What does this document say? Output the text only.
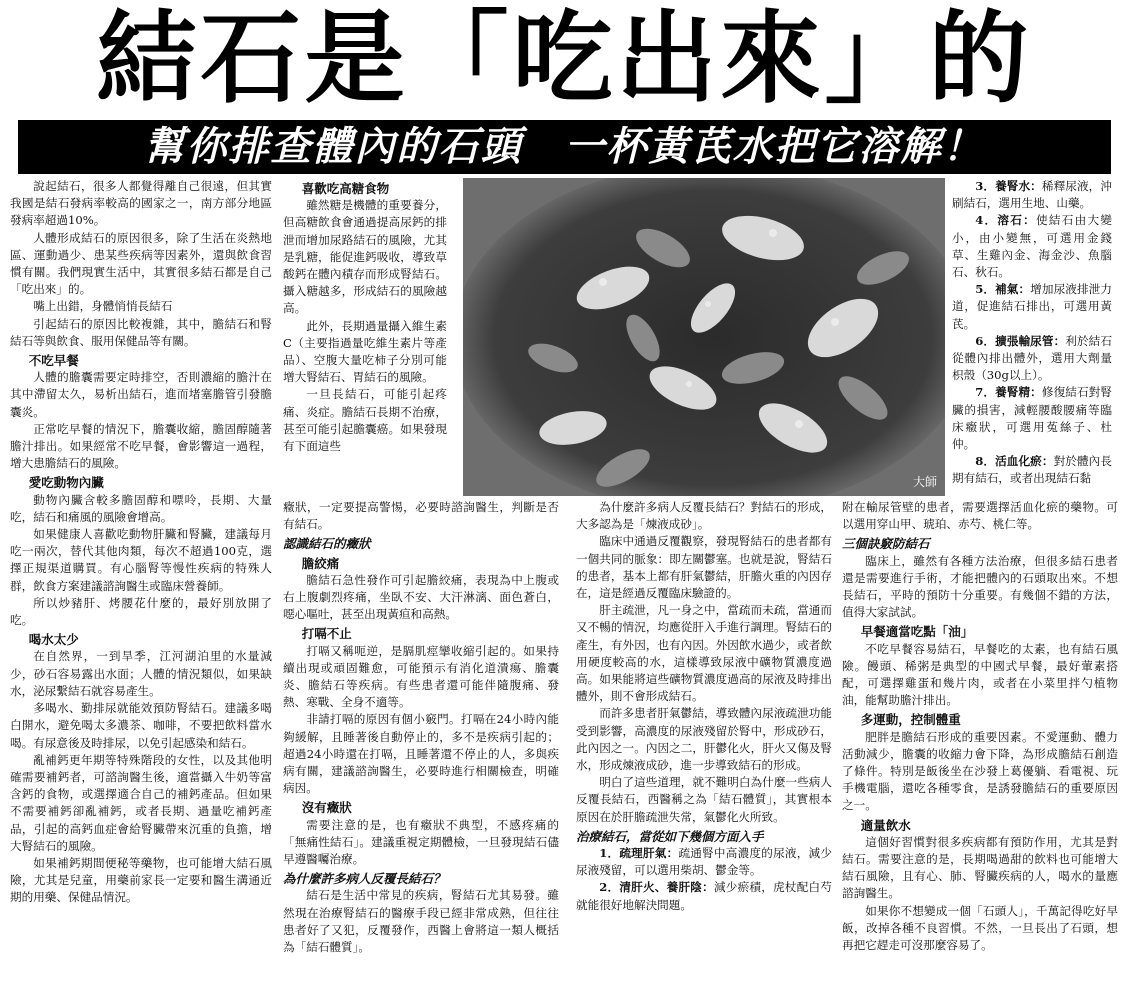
結石是「吃出來」的
幫你排查體內的石頭　一杯黃芪水把它溶解！

說起結石，很多人都覺得離自己很遠，但其實我國是結石發病率較高的國家之一，南方部分地區發病率超過10%。

人體形成結石的原因很多，除了生活在炎熱地區、運動過少、患某些疾病等因素外，還與飲食習慣有關。我們現實生活中，其實很多結石都是自己「吃出來」的。

嘴上出錯，身體悄悄長結石

引起結石的原因比較複雜，其中，膽結石和腎結石等與飲食、服用保健品等有關。

不吃早餐

人體的膽囊需要定時排空，否則濃縮的膽汁在其中滯留太久，易析出結石，進而堵塞膽管引發膽囊炎。

正常吃早餐的情況下，膽囊收縮，膽固醇隨著膽汁排出。如果經常不吃早餐，會影響這一過程，增大患膽結石的風險。

愛吃動物內臟

動物內臟含較多膽固醇和嘌呤，長期、大量吃，結石和痛風的風險會增高。

如果健康人喜歡吃動物肝臟和腎臟，建議每月吃一兩次，替代其他肉類，每次不超過100克，選擇正規渠道購買。有心腦腎等慢性疾病的特殊人群，飲食方案建議諮詢醫生或臨床營養師。

所以炒豬肝、烤腰花什麼的，最好別放開了吃。

喝水太少

在自然界，一到旱季，江河湖泊里的水量減少，砂石容易露出水面；人體的情況類似，如果缺水，泌尿繫結石就容易產生。

多喝水、勤排尿就能效預防腎結石。建議多喝白開水，避免喝太多濃茶、咖啡，不要把飲料當水喝。有尿意後及時排尿，以免引起感染和結石。

亂補鈣更年期等特殊階段的女性，以及其他明確需要補鈣者，可諮詢醫生後，適當攝入牛奶等富含鈣的食物，或選擇適合自己的補鈣產品。但如果不需要補鈣卻亂補鈣，或者長期、過量吃補鈣產品，引起的高鈣血症會給腎臟帶來沉重的負擔，增大腎結石的風險。

如果補鈣期間便秘等藥物，也可能增大結石風險，尤其是兒童，用藥前家長一定要和醫生溝通近期的用藥、保健品情況。

喜歡吃高糖食物

雖然糖是機體的重要養分，但高糖飲食會通過提高尿鈣的排泄而增加尿路結石的風險，尤其是乳糖，能促進鈣吸收，導致草酸鈣在體內積存而形成腎結石。攝入糖越多，形成結石的風險越高。

此外，長期過量攝入維生素C（主要指過量吃維生素片等產品）、空腹大量吃柿子分別可能增大腎結石、胃結石的風險。

一旦長結石，可能引起疼痛、炎症。膽結石長期不治療，甚至可能引起膽囊癌。如果發現有下面這些

大師

3．養腎水：稀釋尿液，沖刷結石，選用生地、山藥。

4．溶石：使結石由大變小，由小變無，可選用金錢草、生雞內金、海金沙、魚腦石、秋石。

5．補氣：增加尿液排泄力道，促進結石排出，可選用黃芪。

6．擴張輸尿管：利於結石從體內排出體外，選用大劑量枳殼（30g以上）。

7．養腎精：修復結石對腎臟的損害，減輕腰酸腰痛等臨床癥狀，可選用菟絲子、杜仲。

8．活血化瘀：對於體內長期有結石，或者出現結石黏

癥狀，一定要提高警惕，必要時諮詢醫生，判斷是否有結石。

認識結石的癥狀
膽絞痛

膽結石急性發作可引起膽絞痛，表現為中上腹或右上腹劇烈疼痛，坐臥不安、大汗淋漓、面色蒼白，噁心嘔吐，甚至出現黃疸和高熱。

打嗝不止

打嗝又稱呃逆，是膈肌痙攣收縮引起的。如果持續出現或頑固難愈，可能預示有消化道潰瘍、膽囊炎、膽結石等疾病。有些患者還可能伴隨腹痛、發熱、寒戰、全身不適等。

非請打嗝的原因有個小竅門。打嗝在24小時內能夠緩解，且睡著後自動停止的，多不是疾病引起的；超過24小時還在打嗝，且睡著還不停止的人，多與疾病有關，建議諮詢醫生，必要時進行相關檢查，明確病因。

沒有癥狀

需要注意的是，也有癥狀不典型，不感疼痛的「無痛性結石」。建議重視定期體檢，一旦發現結石儘早遵醫囑治療。

為什麼許多病人反覆長結石？

結石是生活中常見的疾病，腎結石尤其易發。雖然現在治療腎結石的醫療手段已經非常成熟，但往往患者好了又犯，反覆發作，西醫上會將這一類人概括為「結石體質」。

為什麼許多病人反覆長結石？對結石的形成，大多認為是「煉液成砂」。

臨床中通過反覆觀察，發現腎結石的患者都有一個共同的脈象：即左關鬱塞。也就是說，腎結石的患者，基本上都有肝氣鬱結，肝膽火重的內因存在，這是經過反覆臨床驗證的。

肝主疏泄，凡一身之中，當疏而未疏，當通而又不暢的情況，均應從肝入手進行調理。腎結石的產生，有外因，也有內因。外因飲水過少，或者飲用硬度較高的水，這樣導致尿液中礦物質濃度過高。如果能將這些礦物質濃度過高的尿液及時排出體外，則不會形成結石。

而許多患者肝氣鬱結，導致體內尿液疏泄功能受到影響，高濃度的尿液殘留於腎中，形成砂石，此內因之一。內因之二，肝鬱化火，肝火又傷及腎水，形成煉液成砂，進一步導致結石的形成。

明白了這些道理，就不難明白為什麼一些病人反覆長結石，西醫稱之為「結石體質」，其實根本原因在於肝膽疏泄失常，氣鬱化火所致。

治療結石，當從如下幾個方面入手

1．疏理肝氣：疏通腎中高濃度的尿液，減少尿液殘留，可以選用柴胡、鬱金等。

2．清肝火、養肝陰：減少瘀積，虎杖配白芍就能很好地解決問題。

附在輸尿管壁的患者，需要選擇活血化瘀的藥物。可以選用穿山甲、琥珀、赤芍、桃仁等。

三個訣竅防結石

臨床上，雖然有各種方法治療，但很多結石患者還是需要進行手術，才能把體內的石頭取出來。不想長結石，平時的預防十分重要。有幾個不錯的方法，值得大家試試。

早餐適當吃點「油」

不吃早餐容易結石，早餐吃的太素，也有結石風險。饅頭、稀粥是典型的中國式早餐，最好葷素搭配，可選擇雞蛋和幾片肉，或者在小菜里拌勺植物油，能幫助膽汁排出。

多運動，控制體重

肥胖是膽結石形成的重要因素。不愛運動、體力活動減少，膽囊的收縮力會下降，為形成膽結石創造了條件。特別是飯後坐在沙發上葛優躺、看電視、玩手機電腦，還吃各種零食，是誘發膽結石的重要原因之一。

適量飲水

這個好習慣對很多疾病都有預防作用，尤其是對結石。需要注意的是，長期喝過甜的飲料也可能增大結石風險，且有心、肺、腎臟疾病的人，喝水的量應諮詢醫生。

如果你不想變成一個「石頭人」，千萬記得吃好早飯，改掉各種不良習慣。不然，一旦長出了石頭，想再把它趕走可沒那麼容易了。
